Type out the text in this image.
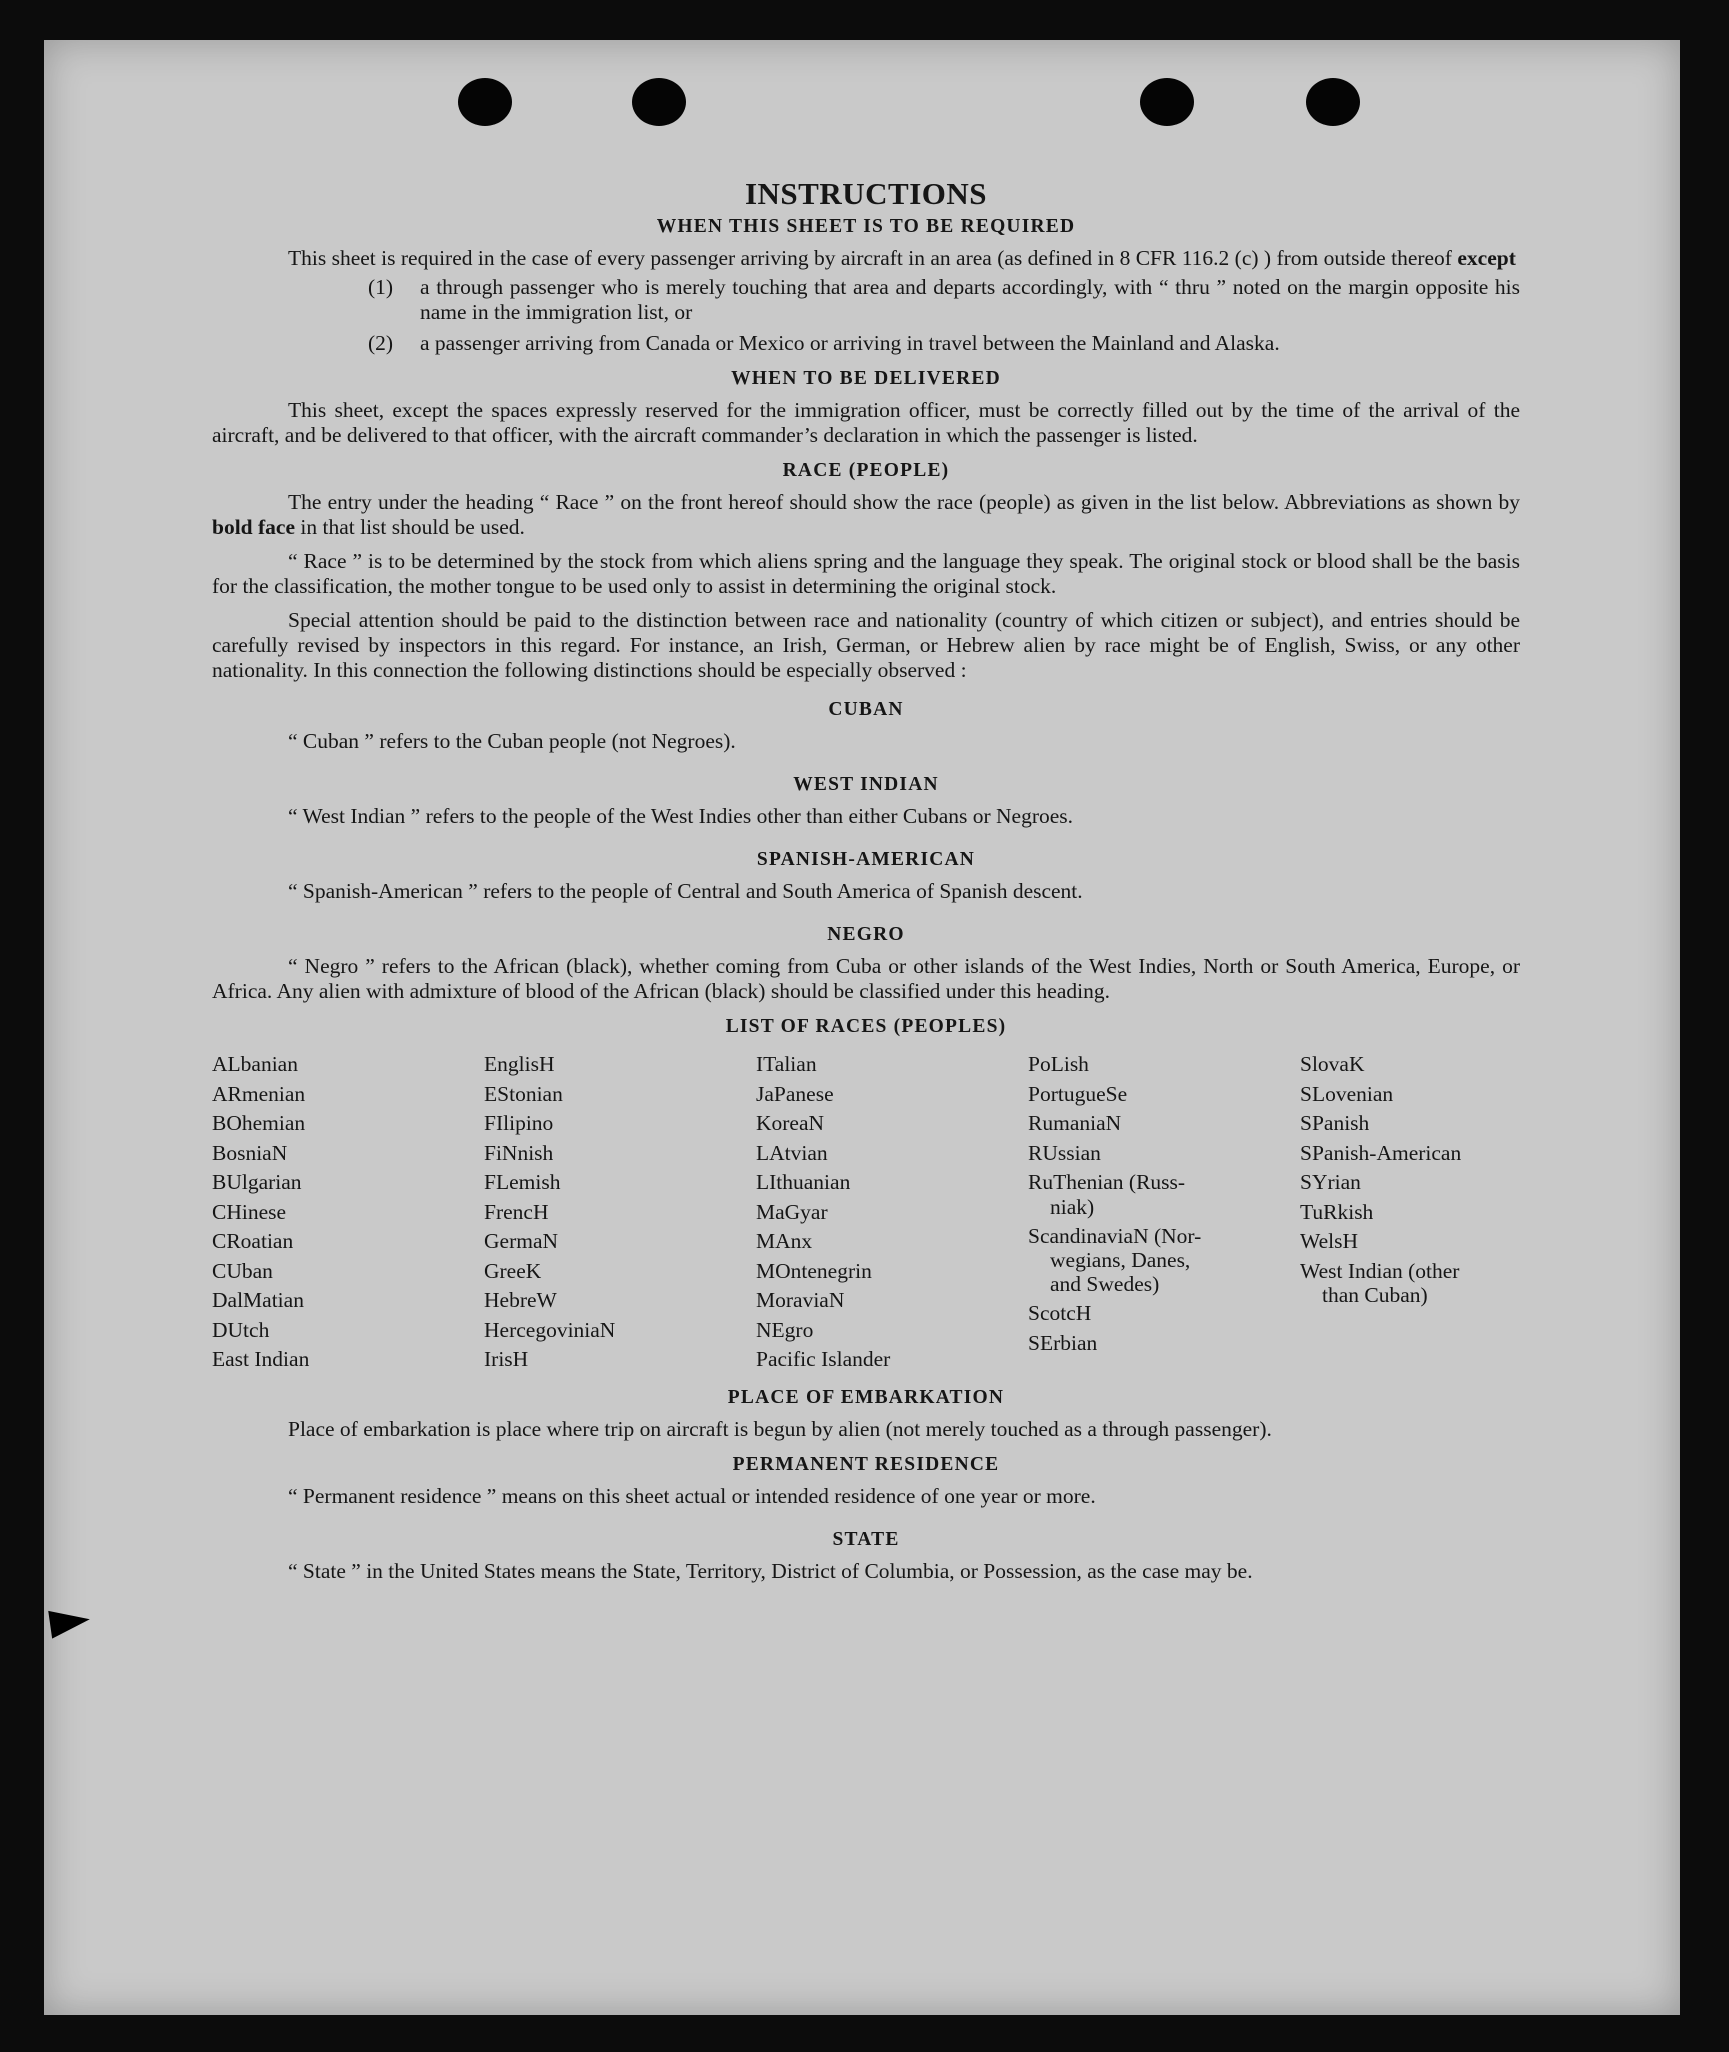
INSTRUCTIONS
WHEN THIS SHEET IS TO BE REQUIRED

This sheet is required in the case of every passenger arriving by aircraft in an area (as defined in 8 CFR 116.2 (c) ) from outside thereof except

(1)	a through passenger who is merely touching that area and departs accordingly, with “ thru ” noted on the margin opposite his name in the immigration list, or

(2)	a passenger arriving from Canada or Mexico or arriving in travel between the Mainland and Alaska.

WHEN TO BE DELIVERED

This sheet, except the spaces expressly reserved for the immigration officer, must be correctly filled out by the time of the arrival of the aircraft, and be delivered to that officer, with the aircraft commander’s declaration in which the passenger is listed.

RACE (PEOPLE)

The entry under the heading “ Race ” on the front hereof should show the race (people) as given in the list below. Abbreviations as shown by bold face in that list should be used.

“ Race ” is to be determined by the stock from which aliens spring and the language they speak. The original stock or blood shall be the basis for the classification, the mother tongue to be used only to assist in determining the original stock.

Special attention should be paid to the distinction between race and nationality (country of which citizen or subject), and entries should be carefully revised by inspectors in this regard. For instance, an Irish, German, or Hebrew alien by race might be of English, Swiss, or any other nationality. In this connection the following distinctions should be especially observed :

CUBAN

“ Cuban ” refers to the Cuban people (not Negroes).

WEST INDIAN

“ West Indian ” refers to the people of the West Indies other than either Cubans or Negroes.

SPANISH-AMERICAN

“ Spanish-American ” refers to the people of Central and South America of Spanish descent.

NEGRO

“ Negro ” refers to the African (black), whether coming from Cuba or other islands of the West Indies, North or South America, Europe, or Africa. Any alien with admixture of blood of the African (black) should be classified under this heading.

LIST OF RACES (PEOPLES)
ALbanian
ARmenian
BOhemian
BosniaN
BUlgarian
CHinese
CRoatian
CUban
DalMatian
DUtch
East Indian
EnglisH
EStonian
FIlipino
FiNnish
FLemish
FrencH
GermaN
GreeK
HebreW
HercegoviniaN
IrisH
ITalian
JaPanese
KoreaN
LAtvian
LIthuanian
MaGyar
MAnx
MOntenegrin
MoraviaN
NEgro
Pacific Islander
PoLish
PortugueSe
RumaniaN
RUssian
RuThenian (Russ-
niak)
ScandinaviaN (Nor-
wegians, Danes,
and Swedes)
ScotcH
SErbian
SlovaK
SLovenian
SPanish
SPanish-American
SYrian
TuRkish
WelsH
West Indian (other
than Cuban)
PLACE OF EMBARKATION

Place of embarkation is place where trip on aircraft is begun by alien (not merely touched as a through passenger).

PERMANENT RESIDENCE

“ Permanent residence ” means on this sheet actual or intended residence of one year or more.

STATE

“ State ” in the United States means the State, Territory, District of Columbia, or Possession, as the case may be.
